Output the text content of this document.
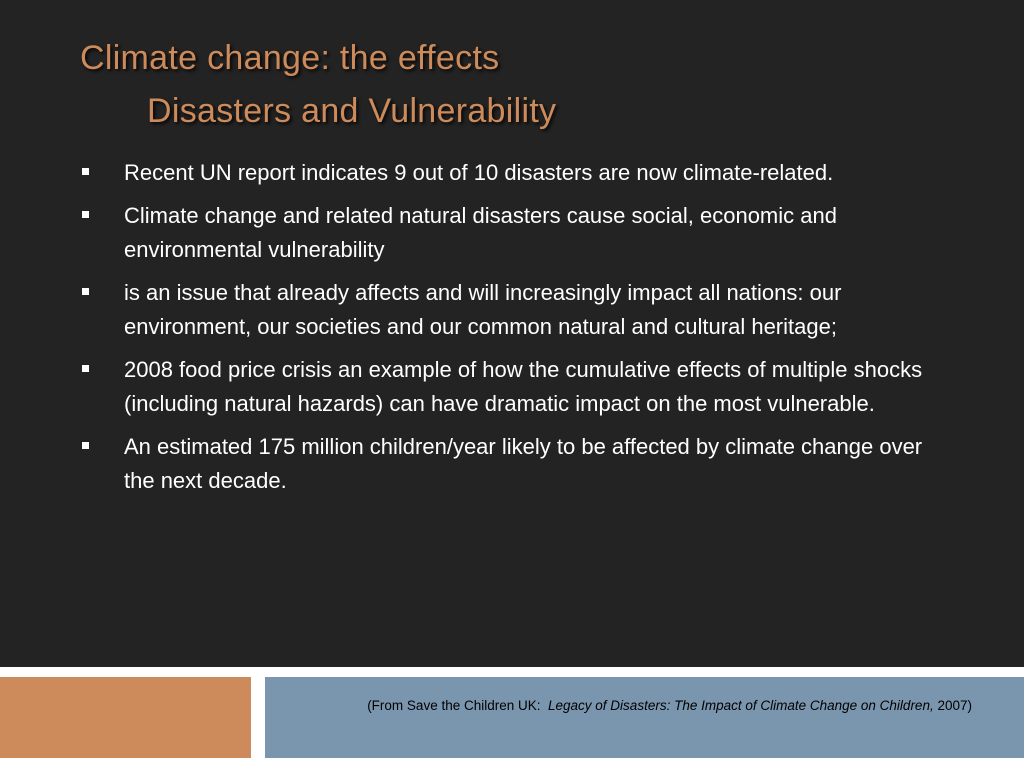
Climate change: the effects
Disasters and Vulnerability
Recent UN report indicates 9 out of 10 disasters are now climate-related.
Climate change and related natural disasters cause social, economic and environmental vulnerability
is an issue that already affects and will increasingly impact all nations: our environment, our societies and our common natural and cultural heritage;
2008 food price crisis an example of how the cumulative effects of multiple shocks (including natural hazards) can have dramatic impact on the most vulnerable.
An estimated 175 million children/year likely to be affected by climate change over the next decade.
(From Save the Children UK: Legacy of Disasters: The Impact of Climate Change on Children, 2007)
